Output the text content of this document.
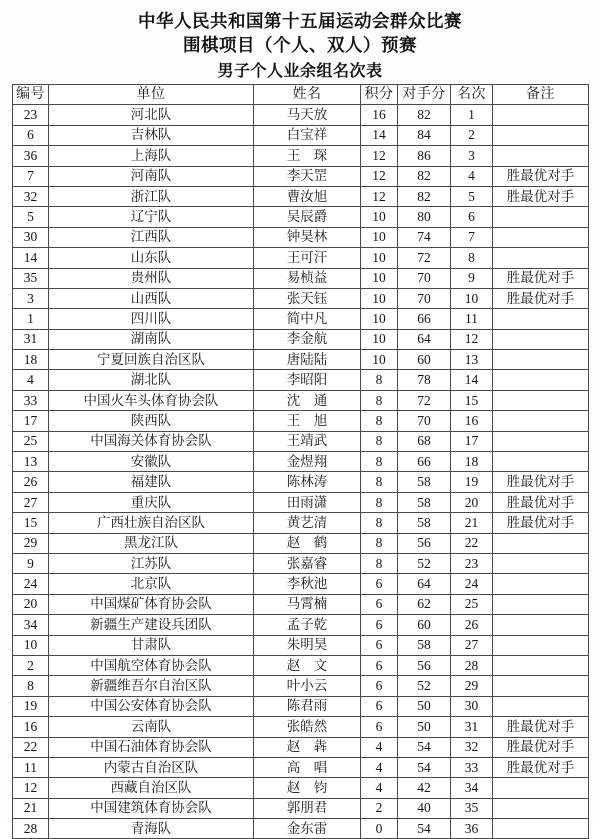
中华人民共和国第十五届运动会群众比赛
围棋项目（个人、双人）预赛
男子个人业余组名次表
编号	单位	姓名	积分	对手分	名次	备注
23	河北队	马天放	16	82	1	
6	吉林队	白宝祥	14	84	2	
36	上海队	王　琛	12	86	3	
7	河南队	李天罡	12	82	4	胜最优对手
32	浙江队	曹汝旭	12	82	5	胜最优对手
5	辽宁队	吴辰爵	10	80	6	
30	江西队	钟昊林	10	74	7	
14	山东队	王可汗	10	72	8	
35	贵州队	易桢益	10	70	9	胜最优对手
3	山西队	张天钰	10	70	10	胜最优对手
1	四川队	简中凡	10	66	11	
31	湖南队	李金航	10	64	12	
18	宁夏回族自治区队	唐陆陆	10	60	13	
4	湖北队	李昭阳	8	78	14	
33	中国火车头体育协会队	沈　通	8	72	15	
17	陕西队	王　旭	8	70	16	
25	中国海关体育协会队	王靖武	8	68	17	
13	安徽队	金煜翔	8	66	18	
26	福建队	陈林涛	8	58	19	胜最优对手
27	重庆队	田雨潇	8	58	20	胜最优对手
15	广西壮族自治区队	黄艺清	8	58	21	胜最优对手
29	黑龙江队	赵　鹤	8	56	22	
9	江苏队	张嘉睿	8	52	23	
24	北京队	李秋池	6	64	24	
20	中国煤矿体育协会队	马霄楠	6	62	25	
34	新疆生产建设兵团队	孟子乾	6	60	26	
10	甘肃队	朱明昊	6	58	27	
2	中国航空体育协会队	赵　文	6	56	28	
8	新疆维吾尔自治区队	叶小云	6	52	29	
19	中国公安体育协会队	陈君雨	6	50	30	
16	云南队	张皓然	6	50	31	胜最优对手
22	中国石油体育协会队	赵　犇	4	54	32	胜最优对手
11	内蒙古自治区队	高　唱	4	54	33	胜最优对手
12	西藏自治区队	赵　钧	4	42	34	
21	中国建筑体育协会队	郭朋君	2	40	35	
28	青海队	金东雷	0	54	36	
